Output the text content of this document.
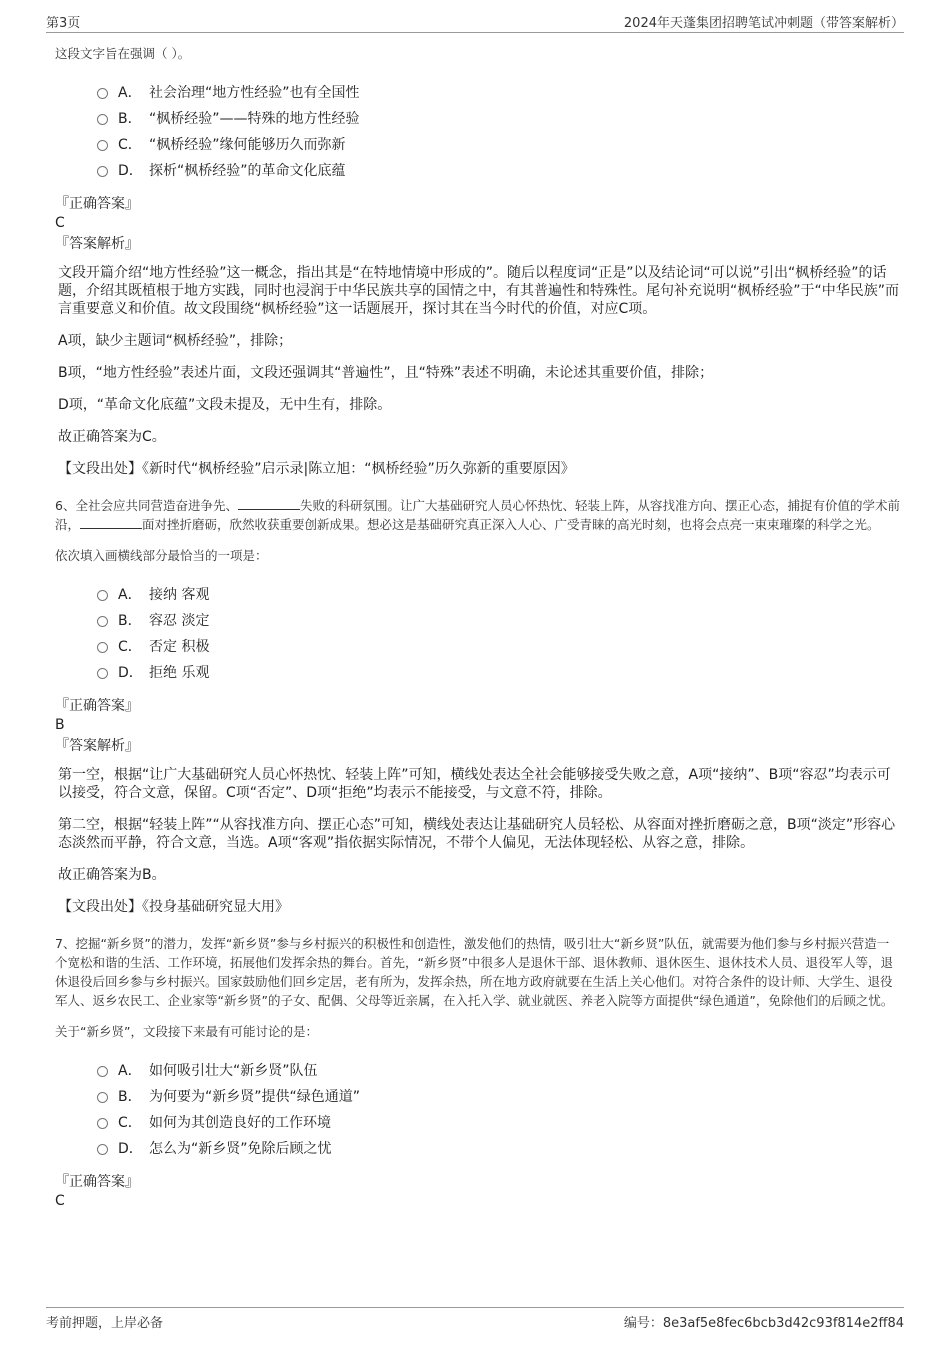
第3页	2024年天蓬集团招聘笔试冲刺题（带答案解析）

这段文字旨在强调（ ）。

A． 社会治理“地方性经验”也有全国性
B． “枫桥经验”——特殊的地方性经验
C． “枫桥经验”缘何能够历久而弥新
D． 探析“枫桥经验”的革命文化底蕴

『正确答案』

C

『答案解析』

文段开篇介绍“地方性经验”这一概念，指出其是“在特地情境中形成的”。随后以程度词“正是”以及结论词“可以说”引出“枫桥经验”的话题，介绍其既植根于地方实践，同时也浸润于中华民族共享的国情之中，有其普遍性和特殊性。尾句补充说明“枫桥经验”于“中华民族”而言重要意义和价值。故文段围绕“枫桥经验”这一话题展开，探讨其在当今时代的价值，对应C项。

A项，缺少主题词“枫桥经验”，排除；

B项，“地方性经验”表述片面，文段还强调其“普遍性”，且“特殊”表述不明确，未论述其重要价值，排除；

D项，“革命文化底蕴”文段未提及，无中生有，排除。

故正确答案为C。

【文段出处】《新时代“枫桥经验”启示录|陈立旭：“枫桥经验”历久弥新的重要原因》

6、全社会应共同营造奋进争先、	失败的科研氛围。让广大基础研究人员心怀热忱、轻装上阵，从容找准方向、摆正心态，捕捉有价值的学术前沿，	面对挫折磨砺，欣然收获重要创新成果。想必这是基础研究真正深入人心、广受青睐的高光时刻，也将会点亮一束束璀璨的科学之光。

依次填入画横线部分最恰当的一项是：

A． 接纳 客观
B． 容忍 淡定
C． 否定 积极
D． 拒绝 乐观

『正确答案』

B

『答案解析』

第一空，根据“让广大基础研究人员心怀热忱、轻装上阵”可知，横线处表达全社会能够接受失败之意，A项“接纳”、B项“容忍”均表示可以接受，符合文意，保留。C项“否定”、D项“拒绝”均表示不能接受，与文意不符，排除。

第二空，根据“轻装上阵”“从容找准方向、摆正心态”可知，横线处表达让基础研究人员轻松、从容面对挫折磨砺之意，B项“淡定”形容心态淡然而平静，符合文意，当选。A项“客观”指依据实际情况，不带个人偏见，无法体现轻松、从容之意，排除。

故正确答案为B。

【文段出处】《投身基础研究显大用》

7、挖掘“新乡贤”的潜力，发挥“新乡贤”参与乡村振兴的积极性和创造性，激发他们的热情，吸引壮大“新乡贤”队伍，就需要为他们参与乡村振兴营造一个宽松和谐的生活、工作环境，拓展他们发挥余热的舞台。首先，“新乡贤”中很多人是退休干部、退休教师、退休医生、退休技术人员、退役军人等，退休退役后回乡参与乡村振兴。国家鼓励他们回乡定居，老有所为，发挥余热，所在地方政府就要在生活上关心他们。对符合条件的设计师、大学生、退役军人、返乡农民工、企业家等“新乡贤”的子女、配偶、父母等近亲属，在入托入学、就业就医、养老入院等方面提供“绿色通道”，免除他们的后顾之忧。

关于“新乡贤”，文段接下来最有可能讨论的是：

A． 如何吸引壮大“新乡贤”队伍
B． 为何要为“新乡贤”提供“绿色通道”
C． 如何为其创造良好的工作环境
D． 怎么为“新乡贤”免除后顾之忧

『正确答案』

C

考前押题，上岸必备	编号：8e3af5e8fec6bcb3d42c93f814e2ff84
